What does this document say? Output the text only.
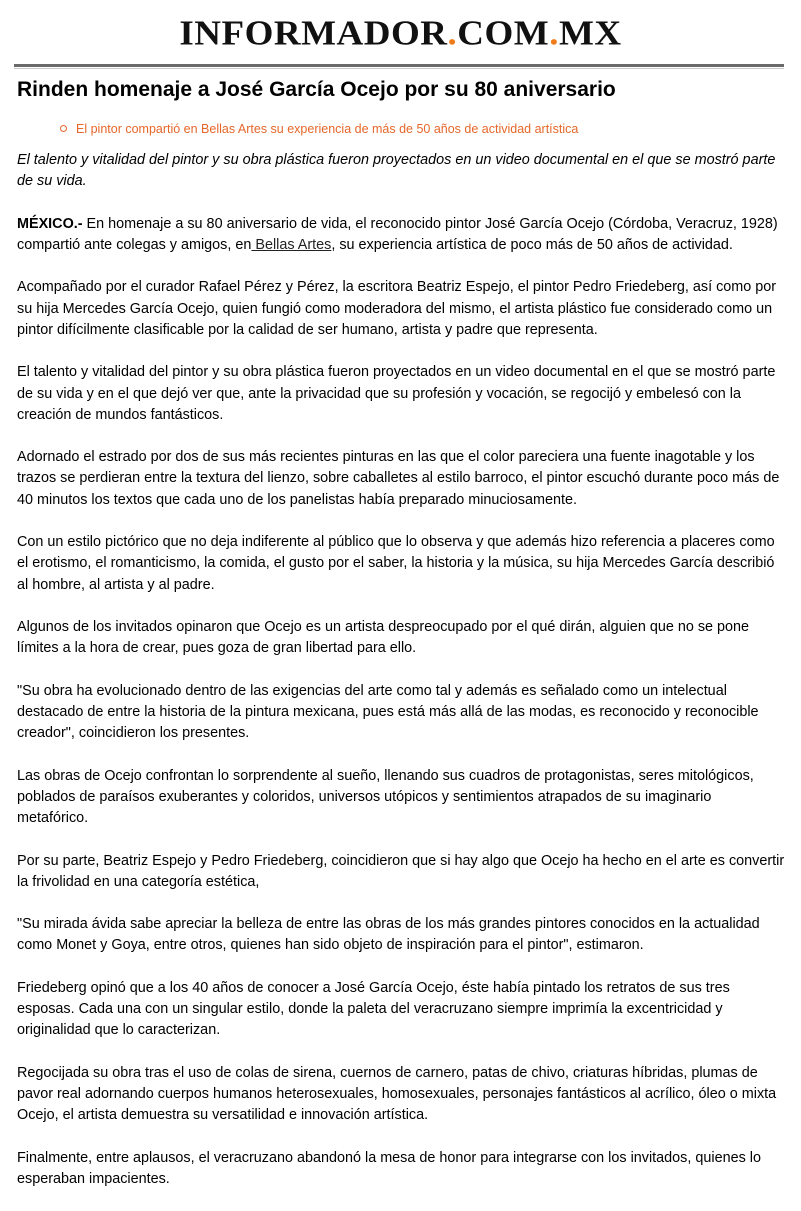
INFORMADOR.COM.MX
Rinden homenaje a José García Ocejo por su 80 aniversario
El pintor compartió en Bellas Artes su experiencia de más de 50 años de actividad artística

El talento y vitalidad del pintor y su obra plástica fueron proyectados en un video documental en el que se mostró parte de su vida.

MÉXICO.- En homenaje a su 80 aniversario de vida, el reconocido pintor José García Ocejo (Córdoba, Veracruz, 1928) compartió ante colegas y amigos, en Bellas Artes, su experiencia artística de poco más de 50 años de actividad.

Acompañado por el curador Rafael Pérez y Pérez, la escritora Beatriz Espejo, el pintor Pedro Friedeberg, así como por su hija Mercedes García Ocejo, quien fungió como moderadora del mismo, el artista plástico fue considerado como un pintor difícilmente clasificable por la calidad de ser humano, artista y padre que representa.

El talento y vitalidad del pintor y su obra plástica fueron proyectados en un video documental en el que se mostró parte de su vida y en el que dejó ver que, ante la privacidad que su profesión y vocación, se regocijó y embelesó con la creación de mundos fantásticos.

Adornado el estrado por dos de sus más recientes pinturas en las que el color pareciera una fuente inagotable y los trazos se perdieran entre la textura del lienzo, sobre caballetes al estilo barroco, el pintor escuchó durante poco más de 40 minutos los textos que cada uno de los panelistas había preparado minuciosamente.

Con un estilo pictórico que no deja indiferente al público que lo observa y que además hizo referencia a placeres como el erotismo, el romanticismo, la comida, el gusto por el saber, la historia y la música, su hija Mercedes García describió al hombre, al artista y al padre.

Algunos de los invitados opinaron que Ocejo es un artista despreocupado por el qué dirán, alguien que no se pone límites a la hora de crear, pues goza de gran libertad para ello.

"Su obra ha evolucionado dentro de las exigencias del arte como tal y además es señalado como un intelectual destacado de entre la historia de la pintura mexicana, pues está más allá de las modas, es reconocido y reconocible creador", coincidieron los presentes.

Las obras de Ocejo confrontan lo sorprendente al sueño, llenando sus cuadros de protagonistas, seres mitológicos, poblados de paraísos exuberantes y coloridos, universos utópicos y sentimientos atrapados de su imaginario metafórico.

Por su parte, Beatriz Espejo y Pedro Friedeberg, coincidieron que si hay algo que Ocejo ha hecho en el arte es convertir la frivolidad en una categoría estética,

"Su mirada ávida sabe apreciar la belleza de entre las obras de los más grandes pintores conocidos en la actualidad como Monet y Goya, entre otros, quienes han sido objeto de inspiración para el pintor", estimaron.

Friedeberg opinó que a los 40 años de conocer a José García Ocejo, éste había pintado los retratos de sus tres esposas. Cada una con un singular estilo, donde la paleta del veracruzano siempre imprimía la excentricidad y originalidad que lo caracterizan.

Regocijada su obra tras el uso de colas de sirena, cuernos de carnero, patas de chivo, criaturas híbridas, plumas de pavor real adornando cuerpos humanos heterosexuales, homosexuales, personajes fantásticos al acrílico, óleo o mixta Ocejo, el artista demuestra su versatilidad e innovación artística.

Finalmente, entre aplausos, el veracruzano abandonó la mesa de honor para integrarse con los invitados, quienes lo esperaban impacientes.
